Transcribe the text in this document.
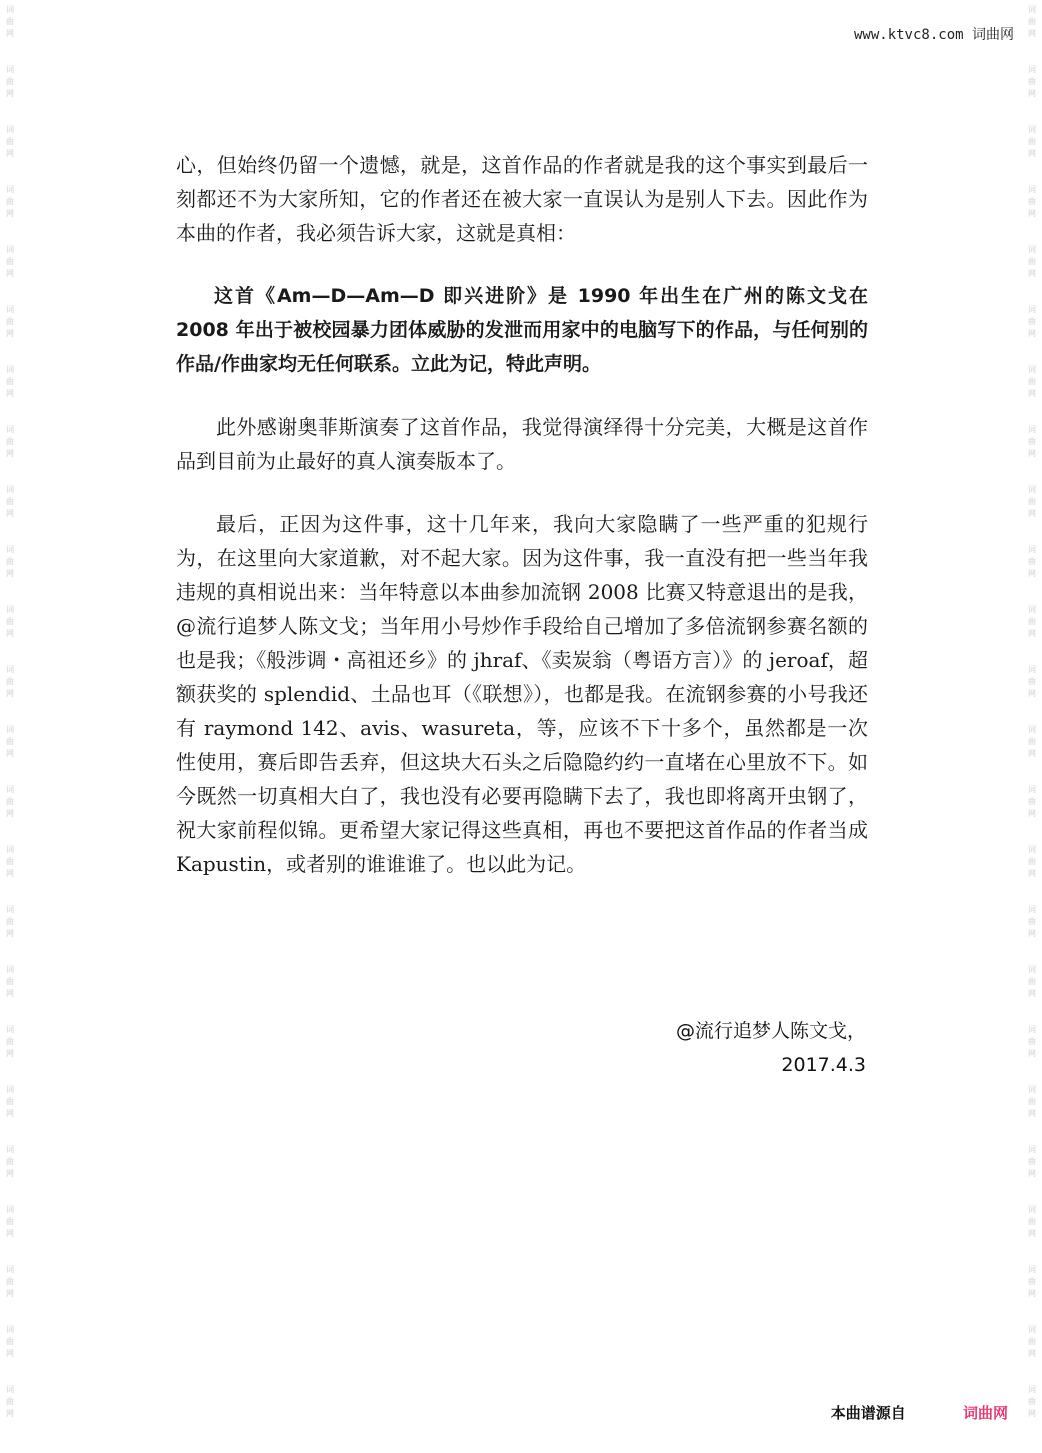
词
曲
网
词
曲
网
词
曲
网
词
曲
网
词
曲
网
词
曲
网
词
曲
网
词
曲
网
词
曲
网
词
曲
网
词
曲
网
词
曲
网
词
曲
网
词
曲
网
词
曲
网
词
曲
网
词
曲
网
词
曲
网
词
曲
网
词
曲
网
词
曲
网
词
曲
网
词
曲
网
词
曲
网
词
曲
网
词
曲
网
词
曲
网
词
曲
网
词
曲
网
词
曲
网
词
曲
网
词
曲
网
词
曲
网
词
曲
网
词
曲
网
词
曲
网
词
曲
网
词
曲
网
词
曲
网
词
曲
网
词
曲
网
词
曲
网
词
曲
网
词
曲
网
词
曲
网
词
曲
网
词
曲
网
词
曲
网
www.ktvc8.com 词曲网

心，但始终仍留一个遗憾，就是，这首作品的作者就是我的这个事实到最后一刻都还不为大家所知，它的作者还在被大家一直误认为是别人下去。因此作为本曲的作者，我必须告诉大家，这就是真相：

这首《Am—D—Am—D 即兴进阶》是 1990 年出生在广州的陈文戈在 2008 年出于被校园暴力团体威胁的发泄而用家中的电脑写下的作品，与任何别的作品/作曲家均无任何联系。立此为记，特此声明。

此外感谢奥菲斯演奏了这首作品，我觉得演绎得十分完美，大概是这首作品到目前为止最好的真人演奏版本了。

最后，正因为这件事，这十几年来，我向大家隐瞒了一些严重的犯规行为，在这里向大家道歉，对不起大家。因为这件事，我一直没有把一些当年我违规的真相说出来：当年特意以本曲参加流钢 2008 比赛又特意退出的是我，@流行追梦人陈文戈；当年用小号炒作手段给自己增加了多倍流钢参赛名额的也是我；《般涉调・高祖还乡》的 jhraf、《卖炭翁（粤语方言）》的 jeroaf，超额获奖的 splendid、土品也耳（《联想》），也都是我。在流钢参赛的小号我还有 raymond 142、avis、wasureta，等，应该不下十多个，虽然都是一次性使用，赛后即告丢弃，但这块大石头之后隐隐约约一直堵在心里放不下。如今既然一切真相大白了，我也没有必要再隐瞒下去了，我也即将离开虫钢了，祝大家前程似锦。更希望大家记得这些真相，再也不要把这首作品的作者当成 Kapustin，或者别的谁谁谁了。也以此为记。

@流行追梦人陈文戈，
2017.4.3
本曲谱源自	词曲网
